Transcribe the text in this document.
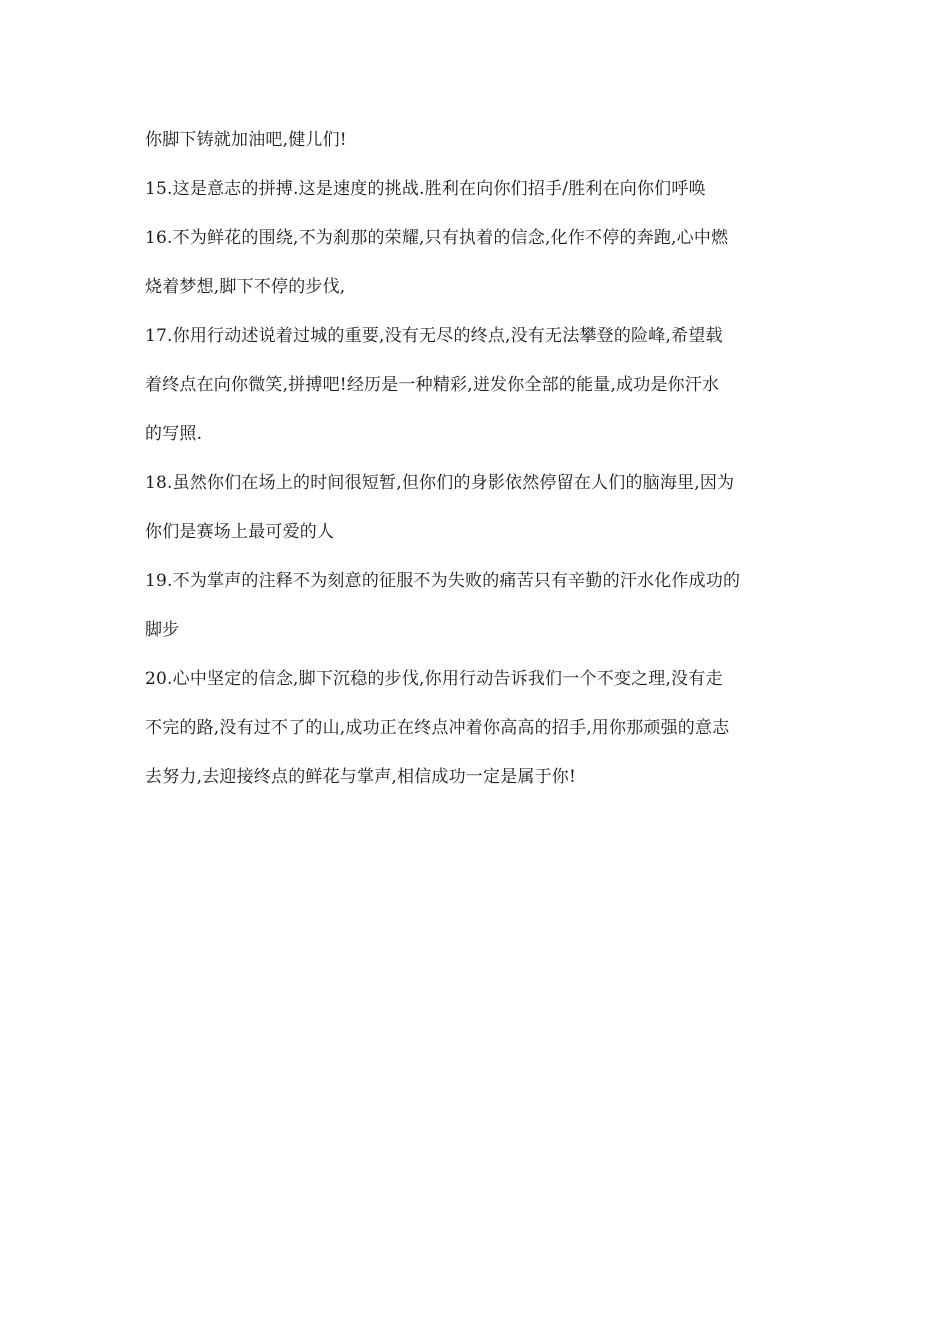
你脚下铸就加油吧,健儿们!
15.这是意志的拼搏.这是速度的挑战.胜利在向你们招手/胜利在向你们呼唤
16.不为鲜花的围绕,不为刹那的荣耀,只有执着的信念,化作不停的奔跑,心中燃
烧着梦想,脚下不停的步伐,
17.你用行动述说着过城的重要,没有无尽的终点,没有无法攀登的险峰,希望载
着终点在向你微笑,拼搏吧!经历是一种精彩,迸发你全部的能量,成功是你汗水
的写照.
18.虽然你们在场上的时间很短暂,但你们的身影依然停留在人们的脑海里,因为
你们是赛场上最可爱的人
19.不为掌声的注释不为刻意的征服不为失败的痛苦只有辛勤的汗水化作成功的
脚步
20.心中坚定的信念,脚下沉稳的步伐,你用行动告诉我们一个不变之理,没有走
不完的路,没有过不了的山,成功正在终点冲着你高高的招手,用你那顽强的意志
去努力,去迎接终点的鲜花与掌声,相信成功一定是属于你!
